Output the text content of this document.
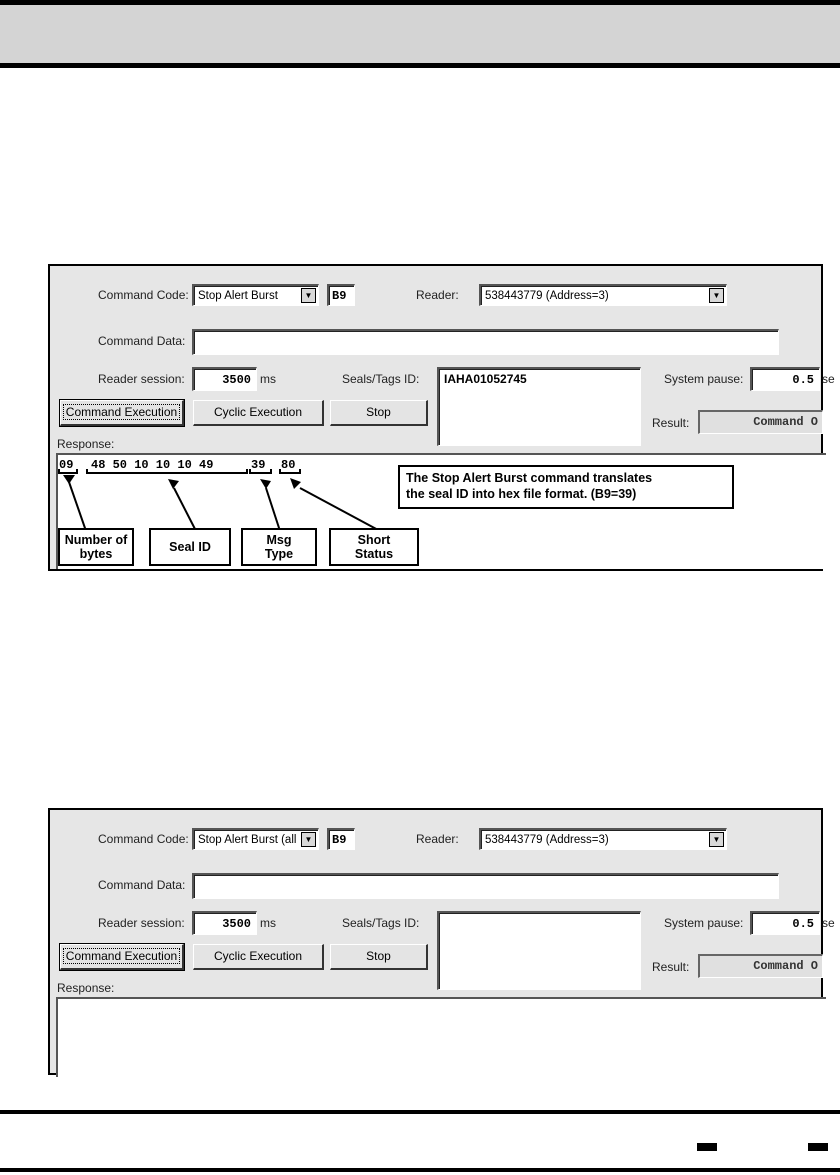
Command Code: Stop Alert Burst	▼ B9	Reader: 538443779 (Address=3)	▼
Command Data:
Reader session:	3500 ms	Seals/Tags ID: IAHA01052745	System pause:	0.5 se
Command Execution	Cyclic Execution	Stop
Result:	Command O
Response:
09 48 50 10 10 10 49	39 80
Number of bytes	Seal ID	Msg Type
Short Status
The Stop Alert Burst command translates
the seal ID into hex file format. (B9=39)
Command Code: Stop Alert Burst (all	▼ B9	Reader: 538443779 (Address=3)	▼
Command Data:
Reader session:	3500 ms	Seals/Tags ID:	System pause:	0.5 se
Command Execution	Cyclic Execution	Stop
Result:	Command O
Response:
